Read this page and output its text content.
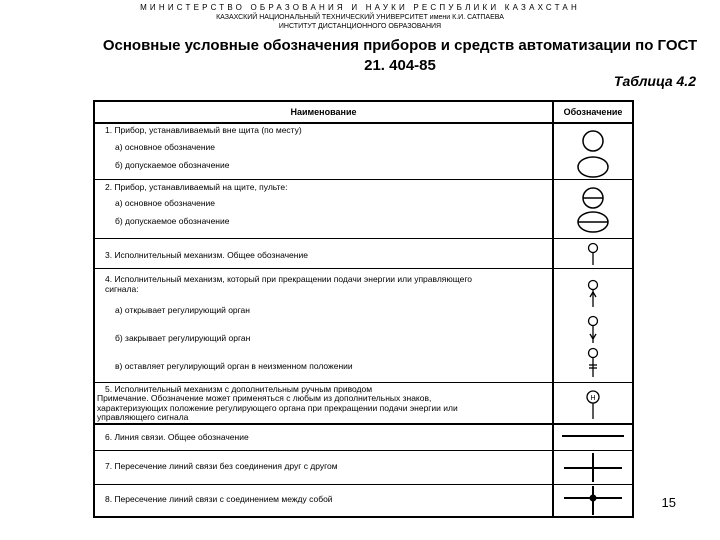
МИНИСТЕРСТВО ОБРАЗОВАНИЯ И НАУКИ РЕСПУБЛИКИ КАЗАХСТАН
КАЗАХСКИЙ НАЦИОНАЛЬНЫЙ ТЕХНИЧЕСКИЙ УНИВЕРСИТЕТ имени К.И. САТПАЕВА
ИНСТИТУТ ДИСТАНЦИОННОГО ОБРАЗОВАНИЯ
Основные условные обозначения приборов и средств автоматизации по ГОСТ 21. 404-85
Таблица 4.2
Наименование	Обозначение
1. Прибор, устанавливаемый вне щита (по месту)
а) основное обозначение
б) допускаемое обозначение
2. Прибор, устанавливаемый на щите, пульте:
а) основное обозначение
б) допускаемое обозначение
3. Исполнительный механизм. Общее обозначение
4. Исполнительный механизм, который при прекращении подачи энергии или управляющего сигнала:
а) открывает регулирующий орган
б) закрывает регулирующий орган
в) оставляет регулирующий орган в неизменном положении
5. Исполнительный механизм с дополнительным ручным приводом
Примечание. Обозначение может применяться с любым из дополнительных знаков, характеризующих положение регулирующего органа при прекращении подачи энергии или управляющего сигнала
H
6. Линия связи. Общее обозначение
7. Пересечение линий связи без соединения друг с другом
8. Пересечение линий связи с соединением между собой	15
